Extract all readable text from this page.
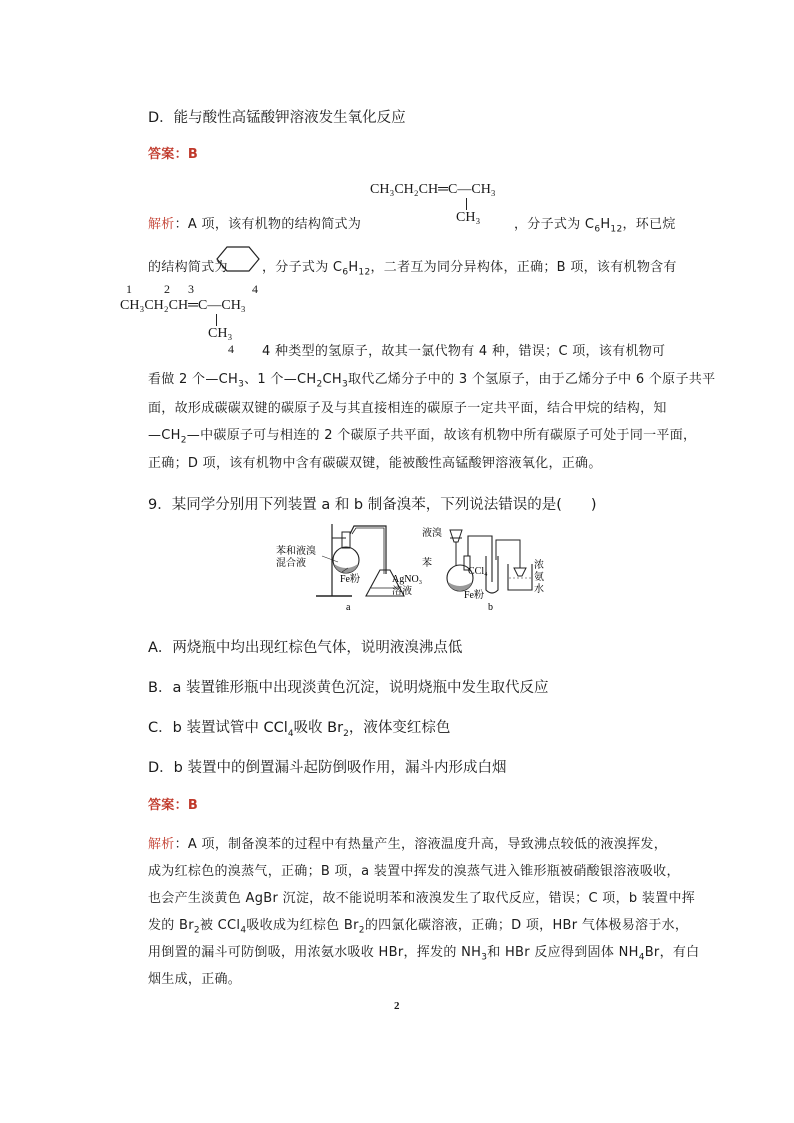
D．能与酸性高锰酸钾溶液发生氧化反应
答案：B
CH₃CH₂CH═C—CH₃
CH₃
解析：A 项，该有机物的结构简式为	，分子式为 $C_6H_{12}$，环已烷
的结构简式为	，分子式为 $C_6H_{12}$，二者互为同分异构体，正确；B 项，该有机物含有
1	2 3	4
CH₃CH₂CH═C—CH₃
CH₃
4 4 种类型的氢原子，故其一氯代物有 4 种，错误；C 项，该有机物可
看做 2 个$—CH_3$、1 个$—CH_2CH_3$取代乙烯分子中的 3 个氢原子，由于乙烯分子中 6 个原子共平
面，故形成碳碳双键的碳原子及与其直接相连的碳原子一定共平面，结合甲烷的结构，知
$—CH_2—$中碳原子可与相连的 2 个碳原子共平面，故该有机物中所有碳原子可处于同一平面，
正确；D 项，该有机物中含有碳碳双键，能被酸性高锰酸钾溶液氧化，正确。
9．某同学分别用下列装置 a 和 b 制备溴苯，下列说法错误的是(　　)
苯和液溴
混合液
Fe粉	AgNO₃
溶液
a
液溴
苯
CCl₄
Fe粉
浓
氨
水
b
A．两烧瓶中均出现红棕色气体，说明液溴沸点低
B．a 装置锥形瓶中出现淡黄色沉淀，说明烧瓶中发生取代反应
C．b 装置试管中 CCl$_4$吸收 $Br_2$，液体变红棕色
D．b 装置中的倒置漏斗起防倒吸作用，漏斗内形成白烟
答案：B
解析：A 项，制备溴苯的过程中有热量产生，溶液温度升高，导致沸点较低的液溴挥发，
成为红棕色的溴蒸气，正确；B 项，a 装置中挥发的溴蒸气进入锥形瓶被硝酸银溶液吸收，
也会产生淡黄色 AgBr 沉淀，故不能说明苯和液溴发生了取代反应，错误；C 项，b 装置中挥
发的 $Br_2$被 CCl$_4$吸收成为红棕色 $Br_2$的四氯化碳溶液，正确；D 项，HBr 气体极易溶于水，
用倒置的漏斗可防倒吸，用浓氨水吸收 HBr，挥发的 $NH_3$和 HBr 反应得到固体 $NH_4Br$，有白
烟生成，正确。
2
